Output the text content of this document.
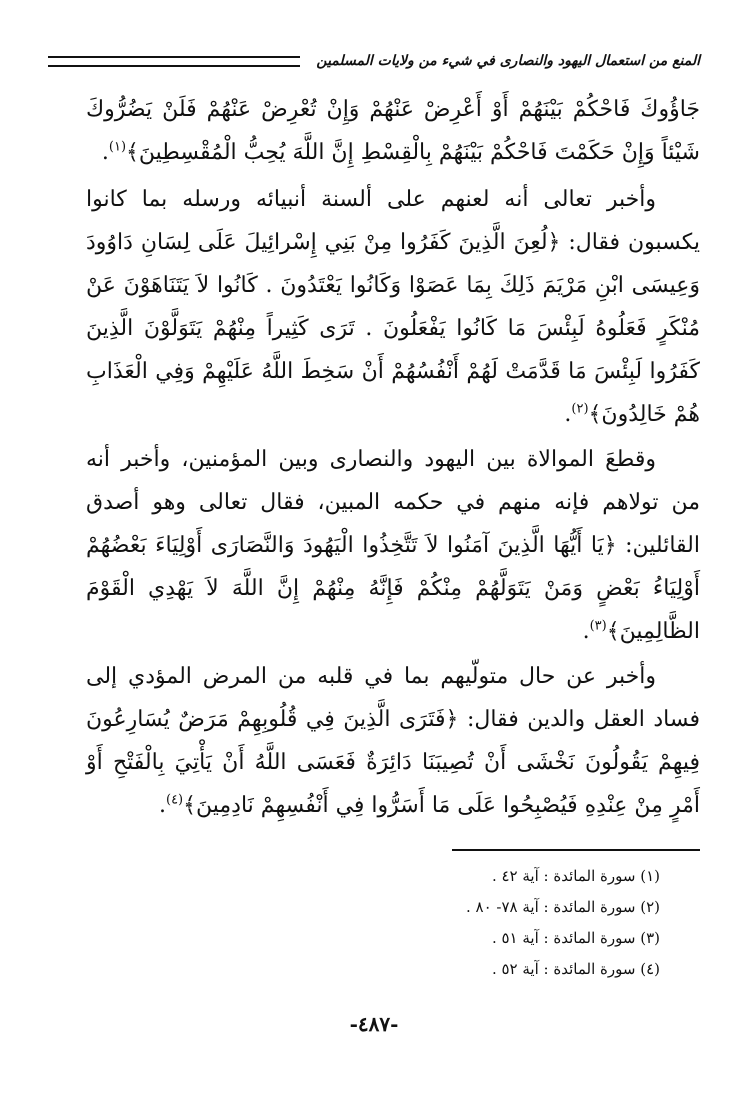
المنع من استعمال اليهود والنصارى في شيء من ولايات المسلمين

جَاؤُوكَ فَاحْكُمْ بَيْنَهُمْ أَوْ أَعْرِضْ عَنْهُمْ وَإِنْ تُعْرِضْ عَنْهُمْ فَلَنْ يَضُرُّوكَ شَيْئاً وَإِنْ حَكَمْتَ فَاحْكُمْ بَيْنَهُمْ بِالْقِسْطِ إِنَّ اللَّهَ يُحِبُّ الْمُقْسِطِينَ﴾$^{(١)}$.

وأخبر تعالى أنه لعنهم على ألسنة أنبيائه ورسله بما كانوا يكسبون فقال: ﴿لُعِنَ الَّذِينَ كَفَرُوا مِنْ بَنِي إِسْرائِيلَ عَلَى لِسَانِ دَاوُودَ وَعِيسَى ابْنِ مَرْيَمَ ذَلِكَ بِمَا عَصَوْا وَكَانُوا يَعْتَدُونَ . كَانُوا لاَ يَتَنَاهَوْنَ عَنْ مُنْكَرٍ فَعَلُوهُ لَبِئْسَ مَا كَانُوا يَفْعَلُونَ . تَرَى كَثِيراً مِنْهُمْ يَتَوَلَّوْنَ الَّذِينَ كَفَرُوا لَبِئْسَ مَا قَدَّمَتْ لَهُمْ أَنْفُسُهُمْ أَنْ سَخِطَ اللَّهُ عَلَيْهِمْ وَفِي الْعَذَابِ هُمْ خَالِدُونَ﴾$^{(٢)}$.

وقطعَ الموالاة بين اليهود والنصارى وبين المؤمنين، وأخبر أنه من تولاهم فإنه منهم في حكمه المبين، فقال تعالى وهو أصدق القائلين: ﴿يَا أَيُّهَا الَّذِينَ آمَنُوا لاَ تَتَّخِذُوا الْيَهُودَ وَالنَّصَارَى أَوْلِيَاءَ بَعْضُهُمْ أَوْلِيَاءُ بَعْضٍ وَمَنْ يَتَوَلَّهُمْ مِنْكُمْ فَإِنَّهُ مِنْهُمْ إِنَّ اللَّهَ لاَ يَهْدِي الْقَوْمَ الظَّالِمِينَ﴾$^{(٣)}$.

وأخبر عن حال متولّيهم بما في قلبه من المرض المؤدي إلى فساد العقل والدين فقال: ﴿فَتَرَى الَّذِينَ فِي قُلُوبِهِمْ مَرَضٌ يُسَارِعُونَ فِيهِمْ يَقُولُونَ نَخْشَى أَنْ تُصِيبَنَا دَائِرَةٌ فَعَسَى اللَّهُ أَنْ يَأْتِيَ بِالْفَتْحِ أَوْ أَمْرٍ مِنْ عِنْدِهِ فَيُصْبِحُوا عَلَى مَا أَسَرُّوا فِي أَنْفُسِهِمْ نَادِمِينَ﴾$^{(٤)}$.

(١) سورة المائدة : آية ٤٢ .

(٢) سورة المائدة : آية ٧٨- ٨٠ .

(٣) سورة المائدة : آية ٥١ .

(٤) سورة المائدة : آية ٥٢ .

-٤٨٧-
